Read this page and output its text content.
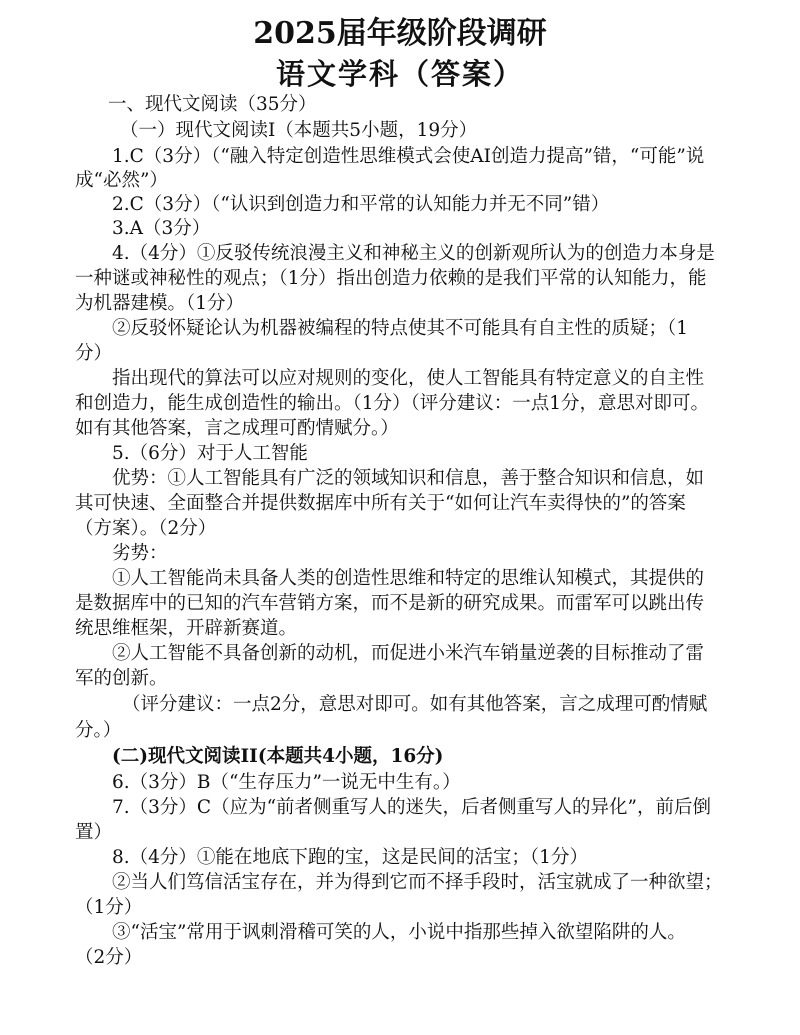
2025届年级阶段调研
语文学科（答案）
一、现代文阅读（35分）
（一）现代文阅读Ⅰ（本题共5小题，19分）
1.C（3分）（“融入特定创造性思维模式会使AI创造力提高”错，“可能”说
成“必然”）
2.C（3分）（“认识到创造力和平常的认知能力并无不同”错）
3.A（3分）
4.（4分）①反驳传统浪漫主义和神秘主义的创新观所认为的创造力本身是
一种谜或神秘性的观点；（1分）指出创造力依赖的是我们平常的认知能力，能
为机器建模。（1分）
②反驳怀疑论认为机器被编程的特点使其不可能具有自主性的质疑；（1
分）
指出现代的算法可以应对规则的变化，使人工智能具有特定意义的自主性
和创造力，能生成创造性的输出。（1分）（评分建议：一点1分，意思对即可。
如有其他答案，言之成理可酌情赋分。）
5.（6分）对于人工智能
优势：①人工智能具有广泛的领域知识和信息，善于整合知识和信息，如
其可快速、全面整合并提供数据库中所有关于“如何让汽车卖得快的”的答案
（方案）。（2分）
劣势：
①人工智能尚未具备人类的创造性思维和特定的思维认知模式，其提供的
是数据库中的已知的汽车营销方案，而不是新的研究成果。而雷军可以跳出传
统思维框架，开辟新赛道。
②人工智能不具备创新的动机，而促进小米汽车销量逆袭的目标推动了雷
军的创新。
（评分建议：一点2分，意思对即可。如有其他答案，言之成理可酌情赋
分。）
(二)现代文阅读II(本题共4小题，16分)
6.（3分）B（“生存压力”一说无中生有。）
7.（3分）C（应为“前者侧重写人的迷失，后者侧重写人的异化”，前后倒
置）
8.（4分）①能在地底下跑的宝，这是民间的活宝；（1分）
②当人们笃信活宝存在，并为得到它而不择手段时，活宝就成了一种欲望；
（1分）
③“活宝”常用于讽刺滑稽可笑的人，小说中指那些掉入欲望陷阱的人。
（2分）
